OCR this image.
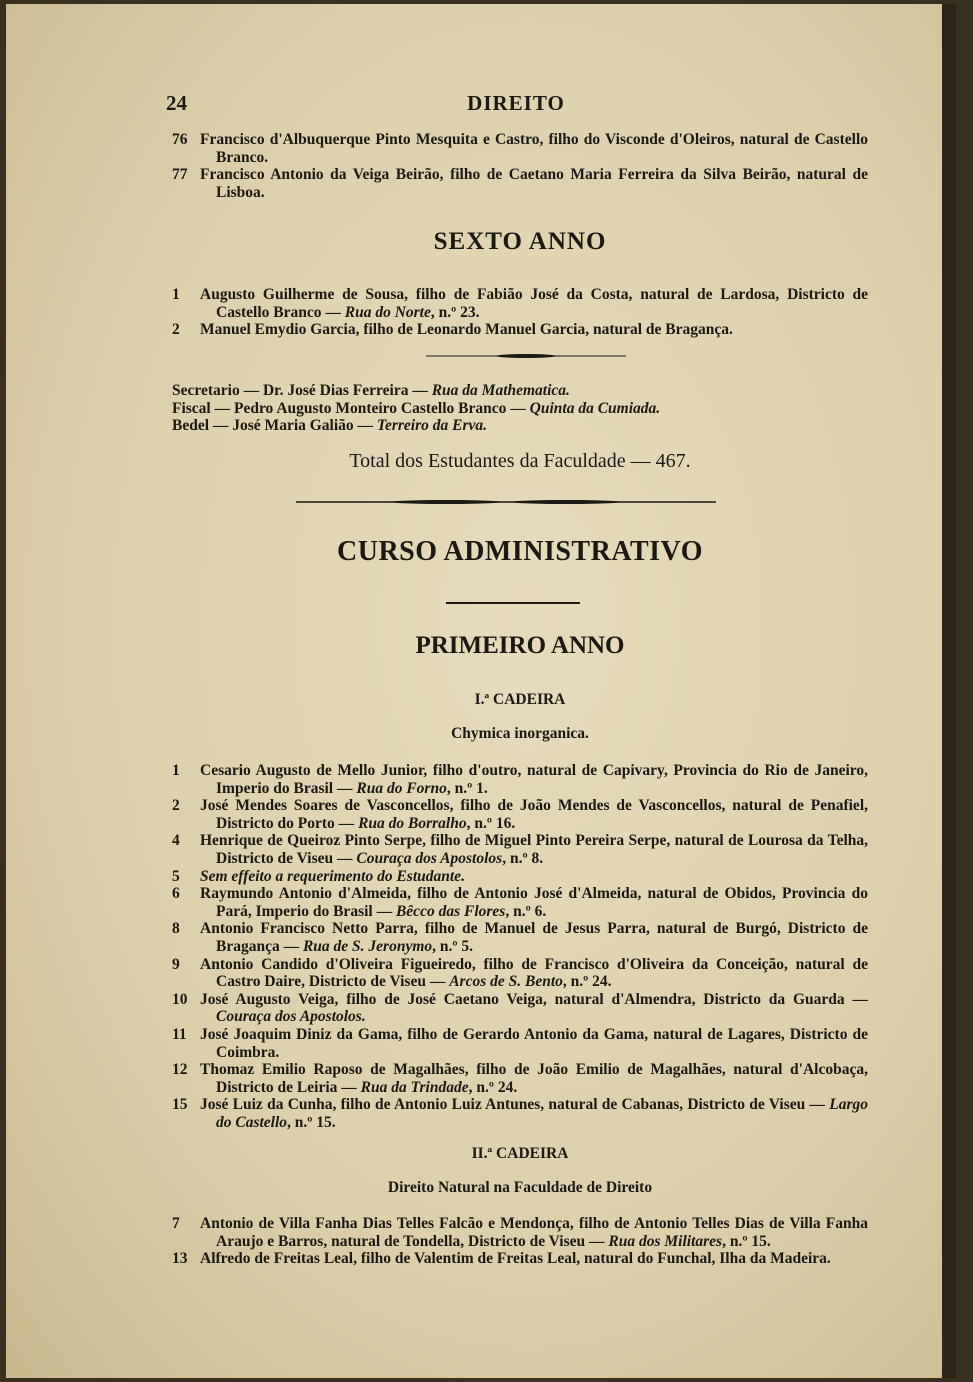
24	DIREITO
76 Francisco d'Albuquerque Pinto Mesquita e Castro, filho do Visconde d'Oleiros, natural de Castello Branco.
77 Francisco Antonio da Veiga Beirão, filho de Caetano Maria Ferreira da Silva Beirão, natural de Lisboa.
SEXTO ANNO
1 Augusto Guilherme de Sousa, filho de Fabião José da Costa, natural de Lardosa, Districto de Castello Branco — Rua do Norte, n.º 23.
2 Manuel Emydio Garcia, filho de Leonardo Manuel Garcia, natural de Bragança.
Secretario — Dr. José Dias Ferreira — Rua da Mathematica.
Fiscal — Pedro Augusto Monteiro Castello Branco — Quinta da Cumiada.
Bedel — José Maria Galião — Terreiro da Erva.
Total dos Estudantes da Faculdade — 467.
CURSO ADMINISTRATIVO
PRIMEIRO ANNO
I.ª CADEIRA
Chymica inorganica.
1 Cesario Augusto de Mello Junior, filho d'outro, natural de Capivary, Provincia do Rio de Janeiro, Imperio do Brasil — Rua do Forno, n.º 1.
2 José Mendes Soares de Vasconcellos, filho de João Mendes de Vasconcellos, natural de Penafiel, Districto do Porto — Rua do Borralho, n.º 16.
4 Henrique de Queiroz Pinto Serpe, filho de Miguel Pinto Pereira Serpe, natural de Lourosa da Telha, Districto de Viseu — Couraça dos Apostolos, n.º 8.
5 Sem effeito a requerimento do Estudante.
6 Raymundo Antonio d'Almeida, filho de Antonio José d'Almeida, natural de Obidos, Provincia do Pará, Imperio do Brasil — Bêcco das Flores, n.º 6.
8 Antonio Francisco Netto Parra, filho de Manuel de Jesus Parra, natural de Burgó, Districto de Bragança — Rua de S. Jeronymo, n.º 5.
9 Antonio Candido d'Oliveira Figueiredo, filho de Francisco d'Oliveira da Conceição, natural de Castro Daire, Districto de Viseu — Arcos de S. Bento, n.º 24.
10 José Augusto Veiga, filho de José Caetano Veiga, natural d'Almendra, Districto da Guarda — Couraça dos Apostolos.
11 José Joaquim Diniz da Gama, filho de Gerardo Antonio da Gama, natural de Lagares, Districto de Coimbra.
12 Thomaz Emilio Raposo de Magalhães, filho de João Emilio de Magalhães, natural d'Alcobaça, Districto de Leiria — Rua da Trindade, n.º 24.
15 José Luiz da Cunha, filho de Antonio Luiz Antunes, natural de Cabanas, Districto de Viseu — Largo do Castello, n.º 15.
II.ª CADEIRA
Direito Natural na Faculdade de Direito
7 Antonio de Villa Fanha Dias Telles Falcão e Mendonça, filho de Antonio Telles Dias de Villa Fanha Araujo e Barros, natural de Tondella, Districto de Viseu — Rua dos Militares, n.º 15.
13 Alfredo de Freitas Leal, filho de Valentim de Freitas Leal, natural do Funchal, Ilha da Madeira.
